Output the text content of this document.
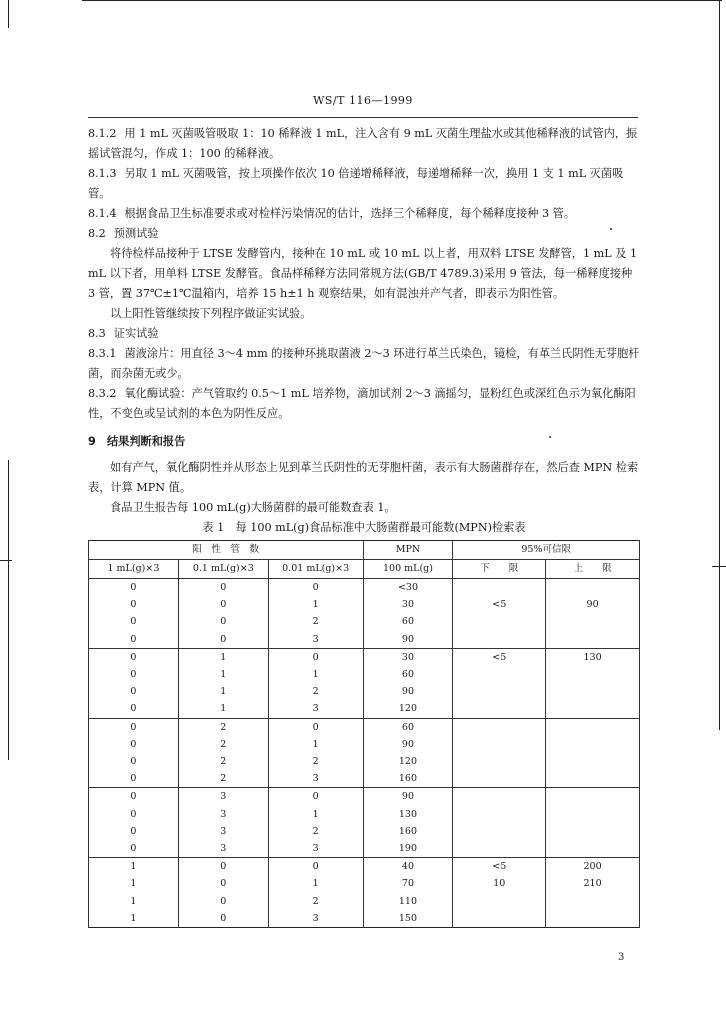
WS/T 116—1999

8.1.2 用 1 mL 灭菌吸管吸取 1：10 稀释液 1 mL，注入含有 9 mL 灭菌生理盐水或其他稀释液的试管内，振摇试管混匀，作成 1：100 的稀释液。

8.1.3 另取 1 mL 灭菌吸管，按上项操作依次 10 倍递增稀释液，每递增稀释一次，换用 1 支 1 mL 灭菌吸管。

8.1.4 根据食品卫生标准要求或对检样污染情况的估计，选择三个稀释度，每个稀释度接种 3 管。

8.2 预测试验

将待检样品接种于 LTSE 发酵管内，接种在 10 mL 或 10 mL 以上者，用双料 LTSE 发酵管，1 mL 及 1 mL 以下者，用单料 LTSE 发酵管。食品样稀释方法同常规方法(GB/T 4789.3)采用 9 管法，每一稀释度接种 3 管，置 37℃±1℃温箱内，培养 15 h±1 h 观察结果，如有混浊并产气者，即表示为阳性管。

以上阳性管继续按下列程序做证实试验。

8.3 证实试验

8.3.1 菌液涂片：用直径 3～4 mm 的接种环挑取菌液 2～3 环进行革兰氏染色，镜检，有革兰氏阴性无芽胞杆菌，而杂菌无或少。

8.3.2 氧化酶试验：产气管取约 0.5～1 mL 培养物，滴加试剂 2～3 滴摇匀，显粉红色或深红色示为氧化酶阳性，不变色或呈试剂的本色为阴性反应。

9　结果判断和报告

如有产气，氧化酶阴性并从形态上见到革兰氏阴性的无芽胞杆菌，表示有大肠菌群存在，然后查 MPN 检索表，计算 MPN 值。

食品卫生报告每 100 mL(g)大肠菌群的最可能数查表 1。

表 1　每 100 mL(g)食品标准中大肠菌群最可能数(MPN)检索表

阳　性　管　数			MPN	95%可信限	
1 mL(g)×3	0.1 mL(g)×3	0.01 mL(g)×3	100 mL(g)	下　　限	上　　限
0	0	0	<30		
0	0	1	30	<5	90
0	0	2	60		
0	0	3	90		
0	1	0	30	<5	130
0	1	1	60		
0	1	2	90		
0	1	3	120		
0	2	0	60		
0	2	1	90		
0	2	2	120		
0	2	3	160		
0	3	0	90		
0	3	1	130		
0	3	2	160		
0	3	3	190		
1	0	0	40	<5	200
1	0	1	70	10	210
1	0	2	110		
1	0	3	150		
3
